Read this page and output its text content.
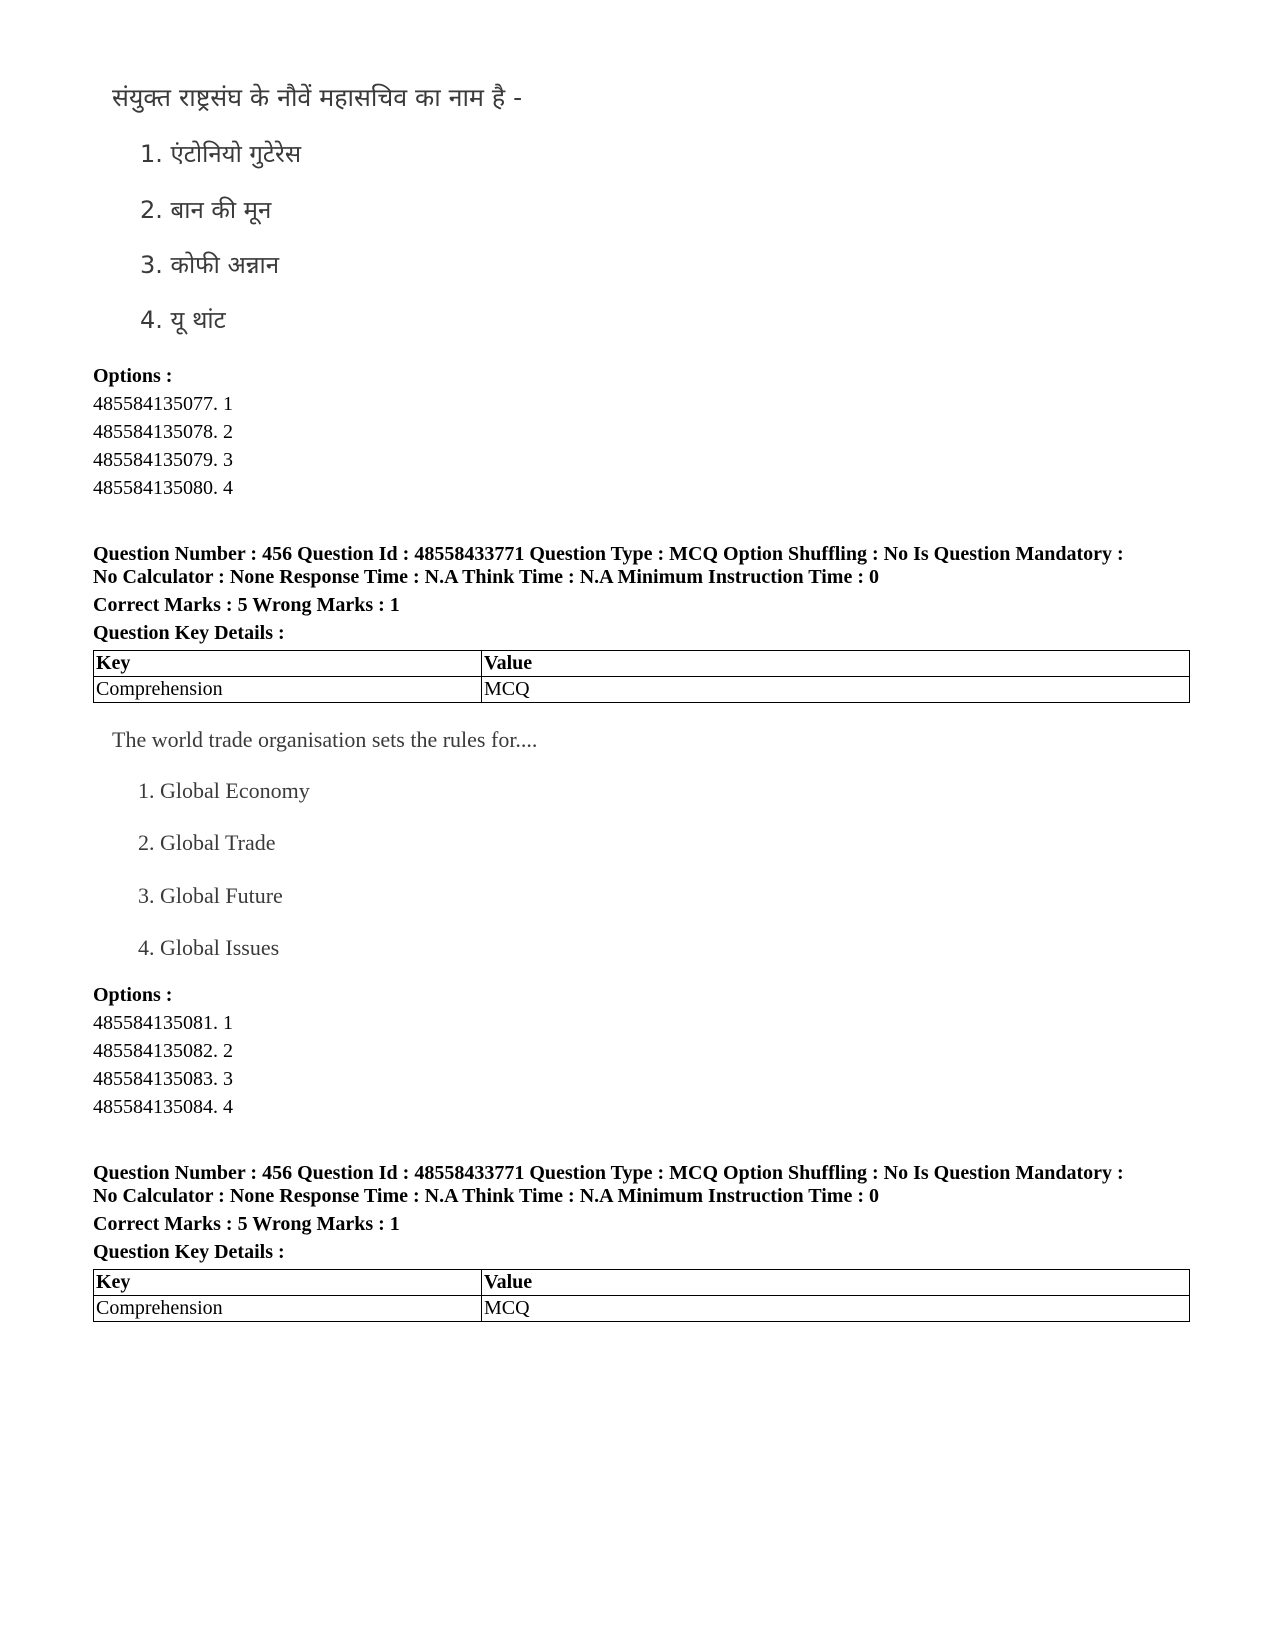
संयुक्त राष्ट्रसंघ के नौवें महासचिव का नाम है -
1. एंटोनियो गुटेरेस
2. बान की मून
3. कोफी अन्नान
4. यू थांट
Options :
485584135077. 1
485584135078. 2
485584135079. 3
485584135080. 4
Question Number : 456 Question Id : 48558433771 Question Type : MCQ Option Shuffling : No Is Question Mandatory :
No Calculator : None Response Time : N.A Think Time : N.A Minimum Instruction Time : 0
Correct Marks : 5 Wrong Marks : 1
Question Key Details :
Key	Value
Comprehension	MCQ
The world trade organisation sets the rules for....
1. Global Economy
2. Global Trade
3. Global Future
4. Global Issues
Options :
485584135081. 1
485584135082. 2
485584135083. 3
485584135084. 4
Question Number : 456 Question Id : 48558433771 Question Type : MCQ Option Shuffling : No Is Question Mandatory :
No Calculator : None Response Time : N.A Think Time : N.A Minimum Instruction Time : 0
Correct Marks : 5 Wrong Marks : 1
Question Key Details :
Key	Value
Comprehension	MCQ
